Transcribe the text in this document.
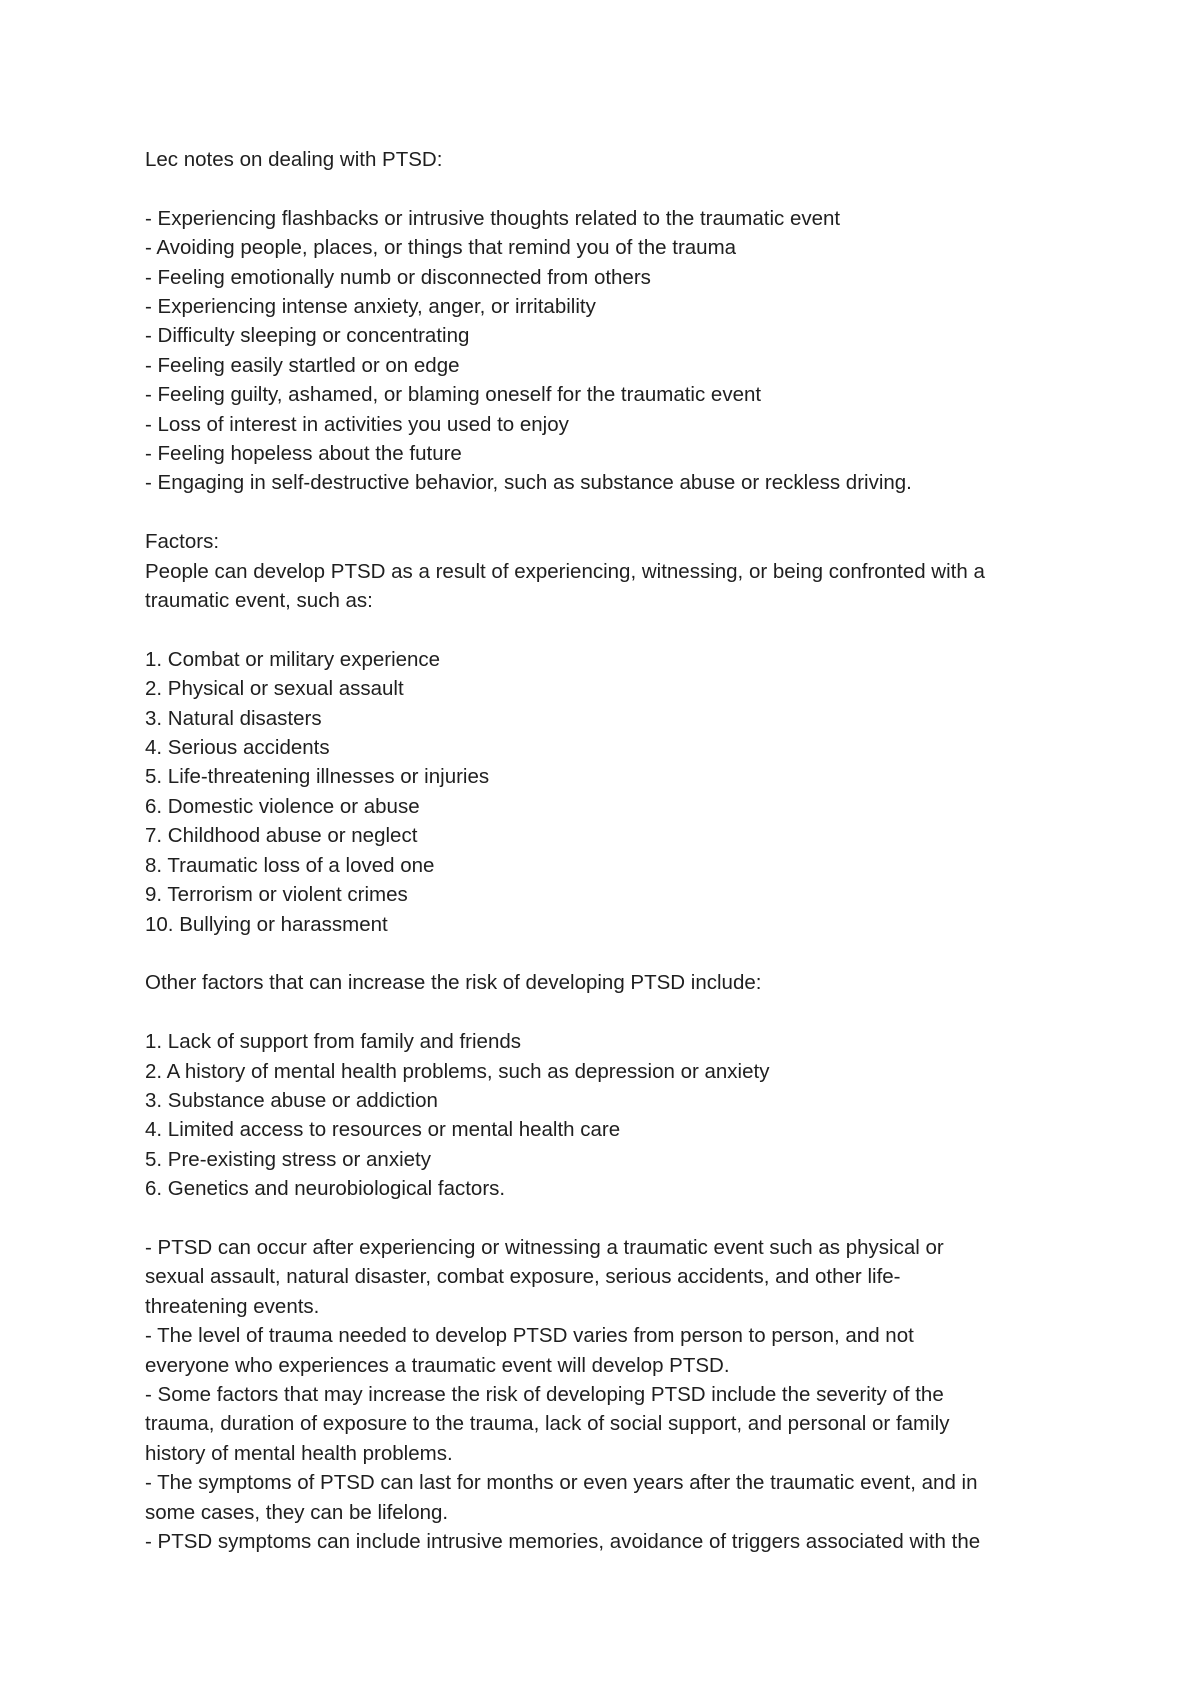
Lec notes on dealing with PTSD:
- Experiencing flashbacks or intrusive thoughts related to the traumatic event
- Avoiding people, places, or things that remind you of the trauma
- Feeling emotionally numb or disconnected from others
- Experiencing intense anxiety, anger, or irritability
- Difficulty sleeping or concentrating
- Feeling easily startled or on edge
- Feeling guilty, ashamed, or blaming oneself for the traumatic event
- Loss of interest in activities you used to enjoy
- Feeling hopeless about the future
- Engaging in self-destructive behavior, such as substance abuse or reckless driving.
Factors:
People can develop PTSD as a result of experiencing, witnessing, or being confronted with a
traumatic event, such as:
1. Combat or military experience
2. Physical or sexual assault
3. Natural disasters
4. Serious accidents
5. Life-threatening illnesses or injuries
6. Domestic violence or abuse
7. Childhood abuse or neglect
8. Traumatic loss of a loved one
9. Terrorism or violent crimes
10. Bullying or harassment
Other factors that can increase the risk of developing PTSD include:
1. Lack of support from family and friends
2. A history of mental health problems, such as depression or anxiety
3. Substance abuse or addiction
4. Limited access to resources or mental health care
5. Pre-existing stress or anxiety
6. Genetics and neurobiological factors.
- PTSD can occur after experiencing or witnessing a traumatic event such as physical or
sexual assault, natural disaster, combat exposure, serious accidents, and other life-
threatening events.
- The level of trauma needed to develop PTSD varies from person to person, and not
everyone who experiences a traumatic event will develop PTSD.
- Some factors that may increase the risk of developing PTSD include the severity of the
trauma, duration of exposure to the trauma, lack of social support, and personal or family
history of mental health problems.
- The symptoms of PTSD can last for months or even years after the traumatic event, and in
some cases, they can be lifelong.
- PTSD symptoms can include intrusive memories, avoidance of triggers associated with the
